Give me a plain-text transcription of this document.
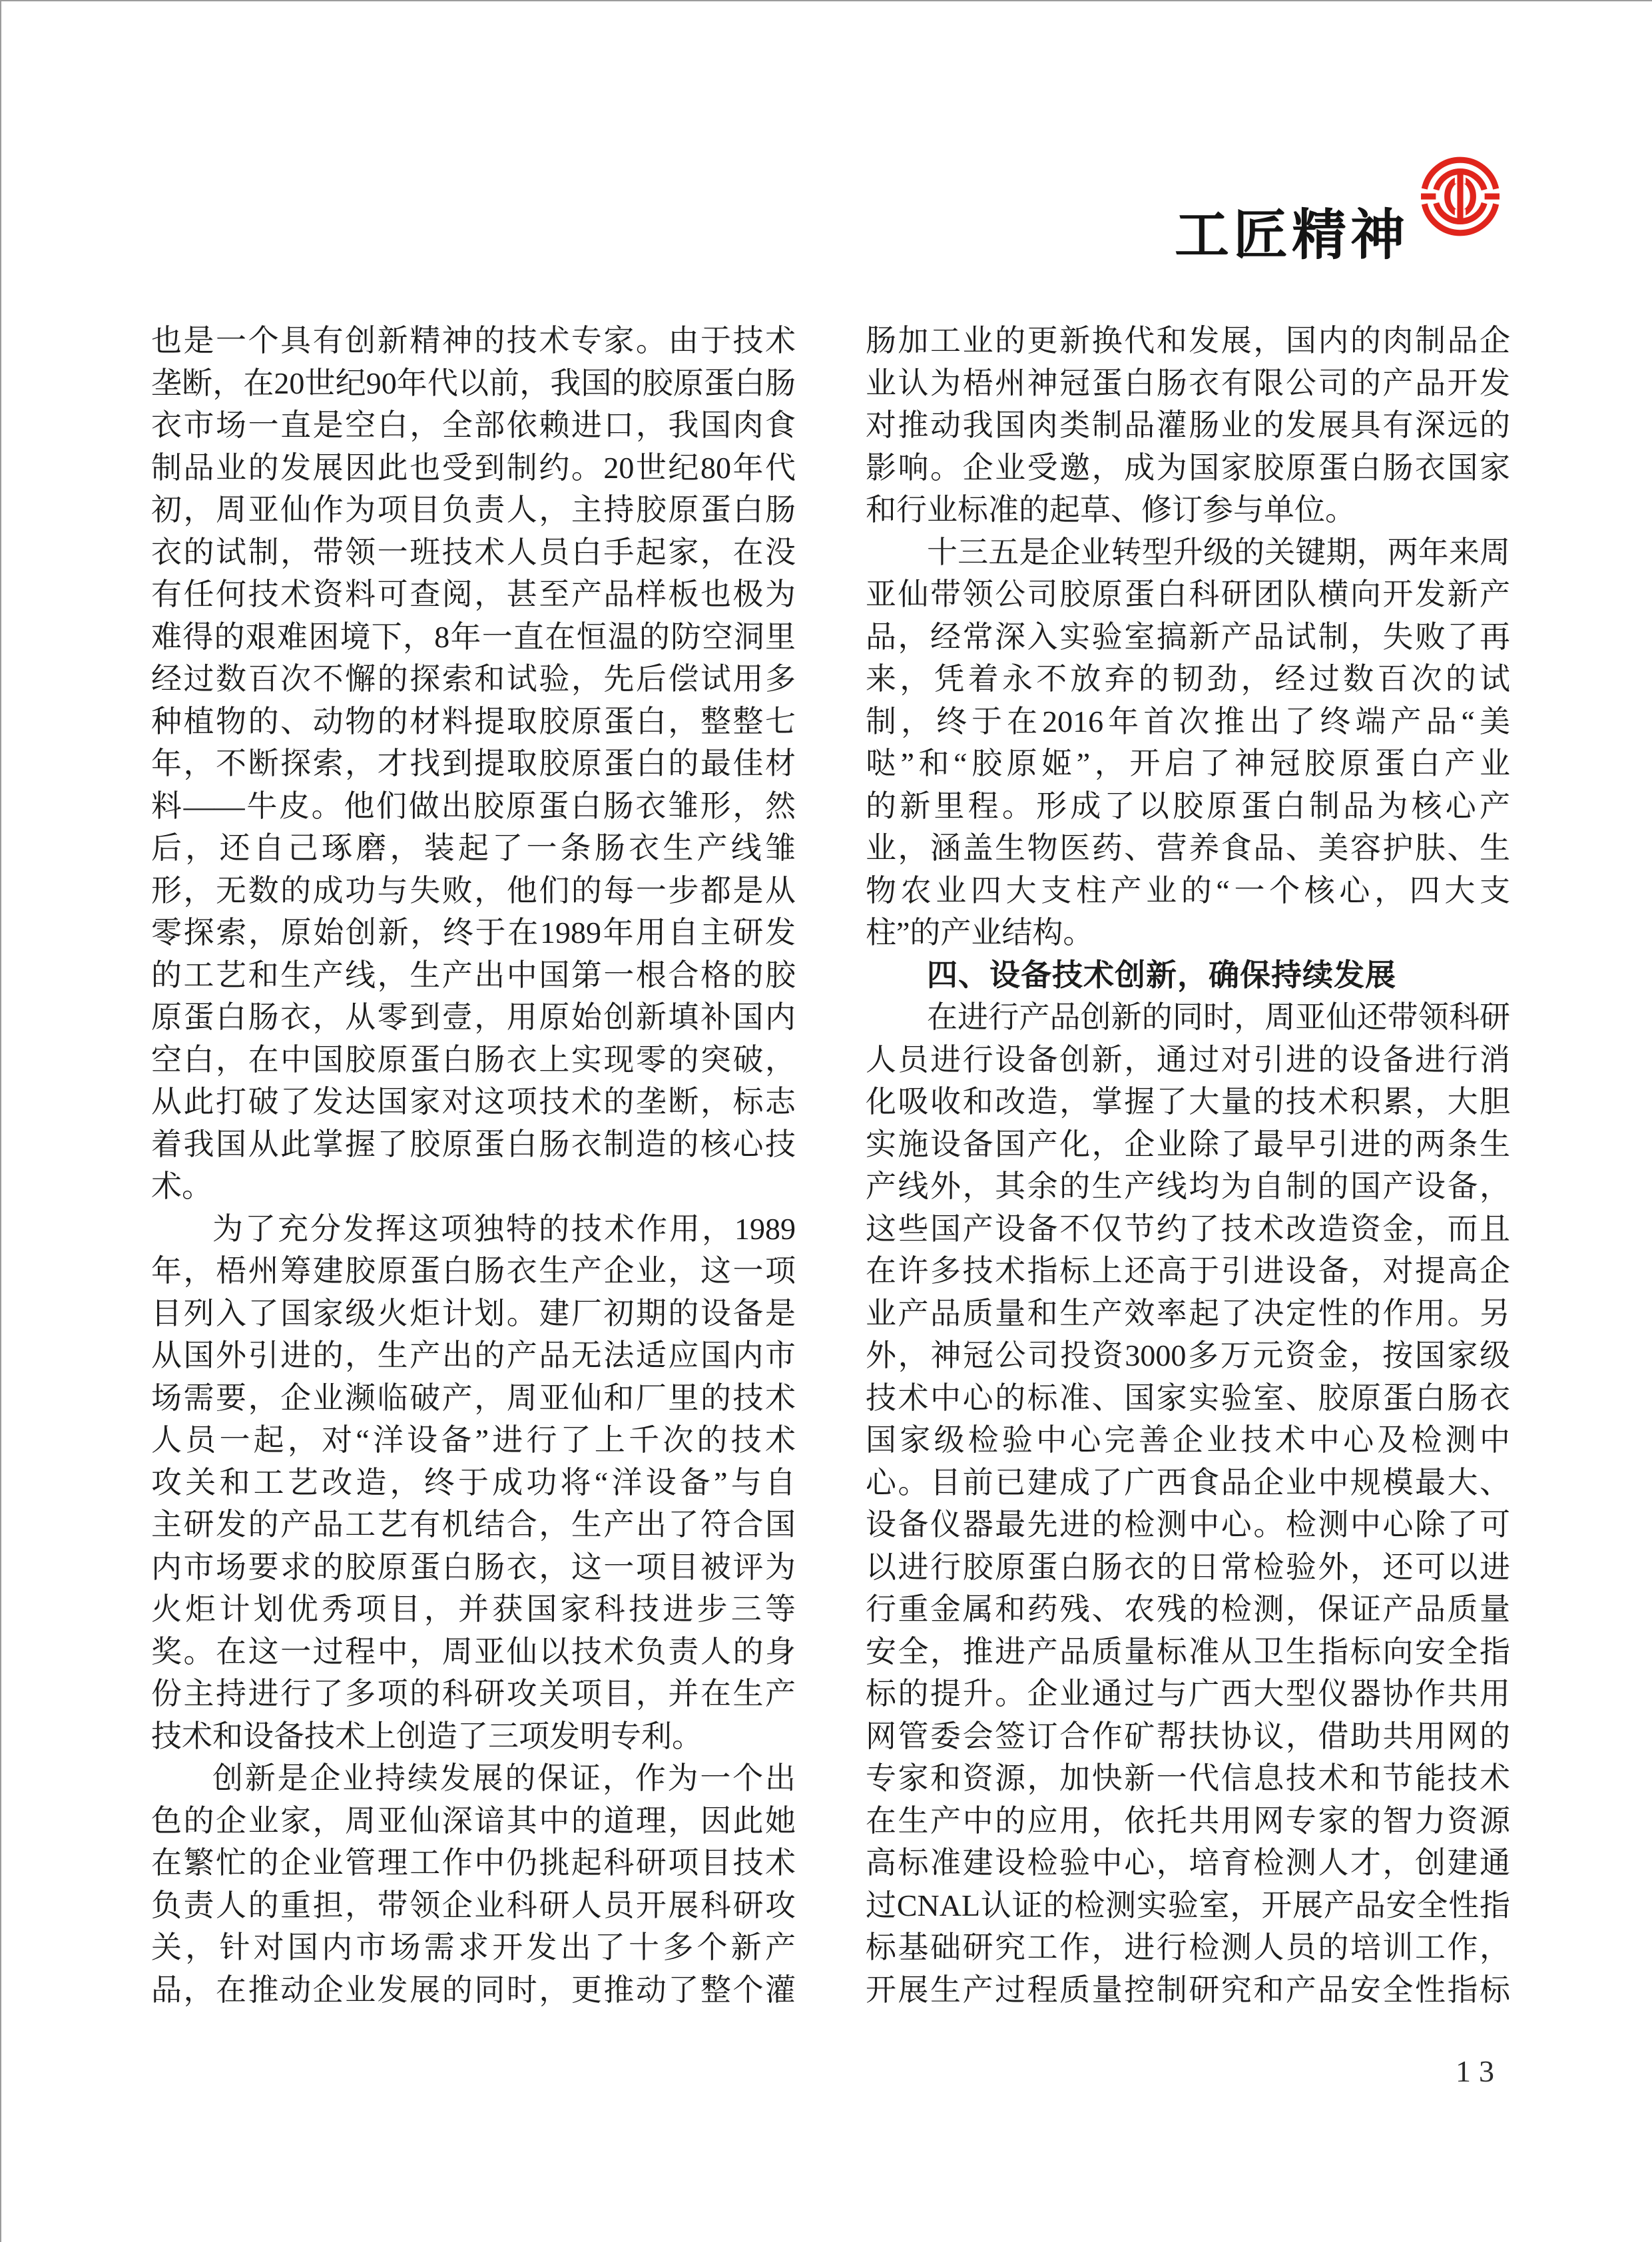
工匠精神
也是一个具有创新精神的技术专家。由于技术
垄断，在20世纪90年代以前，我国的胶原蛋白肠
衣市场一直是空白，全部依赖进口，我国肉食
制品业的发展因此也受到制约。20世纪80年代
初，周亚仙作为项目负责人，主持胶原蛋白肠
衣的试制，带领一班技术人员白手起家，在没
有任何技术资料可查阅，甚至产品样板也极为
难得的艰难困境下，8年一直在恒温的防空洞里
经过数百次不懈的探索和试验，先后偿试用多
种植物的、动物的材料提取胶原蛋白，整整七
年，不断探索，才找到提取胶原蛋白的最佳材
料——牛皮。他们做出胶原蛋白肠衣雏形，然
后，还自己琢磨，装起了一条肠衣生产线雏
形，无数的成功与失败，他们的每一步都是从
零探索，原始创新，终于在1989年用自主研发
的工艺和生产线，生产出中国第一根合格的胶
原蛋白肠衣，从零到壹，用原始创新填补国内
空白，在中国胶原蛋白肠衣上实现零的突破，
从此打破了发达国家对这项技术的垄断，标志
着我国从此掌握了胶原蛋白肠衣制造的核心技
术。
为了充分发挥这项独特的技术作用，1989
年，梧州筹建胶原蛋白肠衣生产企业，这一项
目列入了国家级火炬计划。建厂初期的设备是
从国外引进的，生产出的产品无法适应国内市
场需要，企业濒临破产，周亚仙和厂里的技术
人员一起，对“洋设备”进行了上千次的技术
攻关和工艺改造，终于成功将“洋设备”与自
主研发的产品工艺有机结合，生产出了符合国
内市场要求的胶原蛋白肠衣，这一项目被评为
火炬计划优秀项目，并获国家科技进步三等
奖。在这一过程中，周亚仙以技术负责人的身
份主持进行了多项的科研攻关项目，并在生产
技术和设备技术上创造了三项发明专利。
创新是企业持续发展的保证，作为一个出
色的企业家，周亚仙深谙其中的道理，因此她
在繁忙的企业管理工作中仍挑起科研项目技术
负责人的重担，带领企业科研人员开展科研攻
关，针对国内市场需求开发出了十多个新产
品，在推动企业发展的同时，更推动了整个灌
肠加工业的更新换代和发展，国内的肉制品企
业认为梧州神冠蛋白肠衣有限公司的产品开发
对推动我国肉类制品灌肠业的发展具有深远的
影响。企业受邀，成为国家胶原蛋白肠衣国家
和行业标准的起草、修订参与单位。
十三五是企业转型升级的关键期，两年来周
亚仙带领公司胶原蛋白科研团队横向开发新产
品，经常深入实验室搞新产品试制，失败了再
来，凭着永不放弃的韧劲，经过数百次的试
制，终于在2016年首次推出了终端产品“美
哒”和“胶原姬”，开启了神冠胶原蛋白产业
的新里程。形成了以胶原蛋白制品为核心产
业，涵盖生物医药、营养食品、美容护肤、生
物农业四大支柱产业的“一个核心，四大支
柱”的产业结构。
四、设备技术创新，确保持续发展
在进行产品创新的同时，周亚仙还带领科研
人员进行设备创新，通过对引进的设备进行消
化吸收和改造，掌握了大量的技术积累，大胆
实施设备国产化，企业除了最早引进的两条生
产线外，其余的生产线均为自制的国产设备，
这些国产设备不仅节约了技术改造资金，而且
在许多技术指标上还高于引进设备，对提高企
业产品质量和生产效率起了决定性的作用。另
外，神冠公司投资3000多万元资金，按国家级
技术中心的标准、国家实验室、胶原蛋白肠衣
国家级检验中心完善企业技术中心及检测中
心。目前已建成了广西食品企业中规模最大、
设备仪器最先进的检测中心。检测中心除了可
以进行胶原蛋白肠衣的日常检验外，还可以进
行重金属和药残、农残的检测，保证产品质量
安全，推进产品质量标准从卫生指标向安全指
标的提升。企业通过与广西大型仪器协作共用
网管委会签订合作矿帮扶协议，借助共用网的
专家和资源，加快新一代信息技术和节能技术
在生产中的应用，依托共用网专家的智力资源
高标准建设检验中心，培育检测人才，创建通
过CNAL认证的检测实验室，开展产品安全性指
标基础研究工作，进行检测人员的培训工作，
开展生产过程质量控制研究和产品安全性指标
13
